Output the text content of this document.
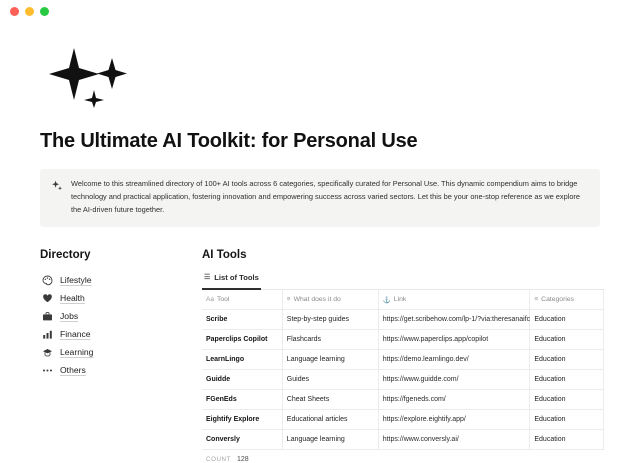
The Ultimate AI Toolkit: for Personal Use
Welcome to this streamlined directory of 100+ AI tools across 6 categories, specifically curated for Personal Use. This dynamic compendium aims to bridge technology and practical application, fostering innovation and empowering success across varied sectors. Let this be your one-stop reference as we explore the AI-driven future together.
Directory
Lifestyle
Health
Jobs
Finance
Learning
Others
AI Tools
☰ List of Tools
Aa Tool	≡ What does it do	⚓ Link	≡ Categories

Scribe	Step-by-step guides	https://get.scribehow.com/lp-1/?via:theresanaifc	Education
Paperclips Copilot	Flashcards	https://www.paperclips.app/copilot	Education
LearnLingo	Language learning	https://demo.learnlingo.dev/	Education
Guidde	Guides	https://www.guidde.com/	Education
FGenEds	Cheat Sheets	https://fgeneds.com/	Education
Eightify Explore	Educational articles	https://explore.eightify.app/	Education
Conversly	Language learning	https://www.conversly.ai/	Education
COUNT 128
